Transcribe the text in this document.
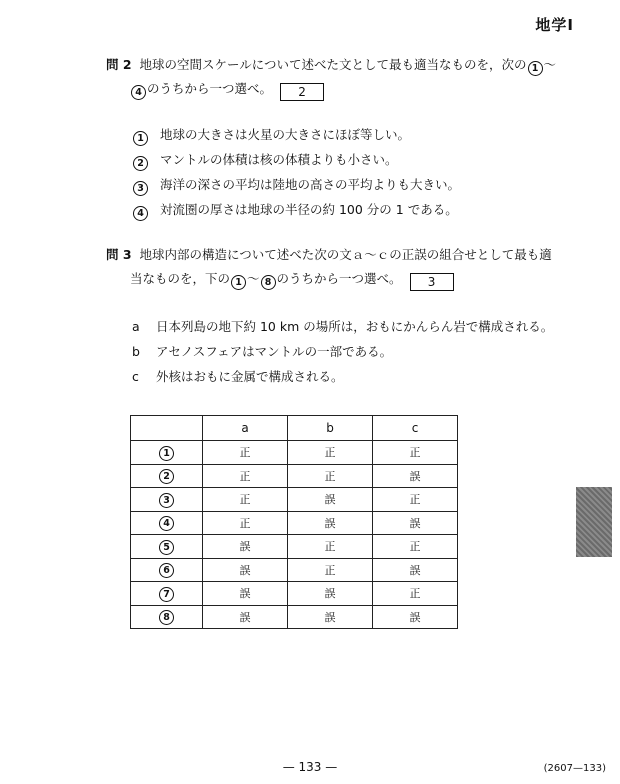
地学Ⅰ
問 2 地球の空間スケールについて述べた文として最も適当なものを，次の 1 〜
4 のうちから一つ選べ。 2
1 地球の大きさは火星の大きさにほぼ等しい。
2 マントルの体積は核の体積よりも小さい。
3 海洋の深さの平均は陸地の高さの平均よりも大きい。
4 対流圏の厚さは地球の半径の約 100 分の 1 である。
問 3 地球内部の構造について述べた次の文ａ〜ｃの正誤の組合せとして最も適
当なものを，下の 1 〜 8 のうちから一つ選べ。 3
a 日本列島の地下約 10 km の場所は，おもにかんらん岩で構成される。
b アセノスフェアはマントルの一部である。
c 外核はおもに金属で構成される。
	a	b	c
1	正	正	正
2	正	正	誤
3	正	誤	正
4	正	誤	誤
5	誤	正	正
6	誤	正	誤
7	誤	誤	正
8	誤	誤	誤
— 133 —	(2607—133)
